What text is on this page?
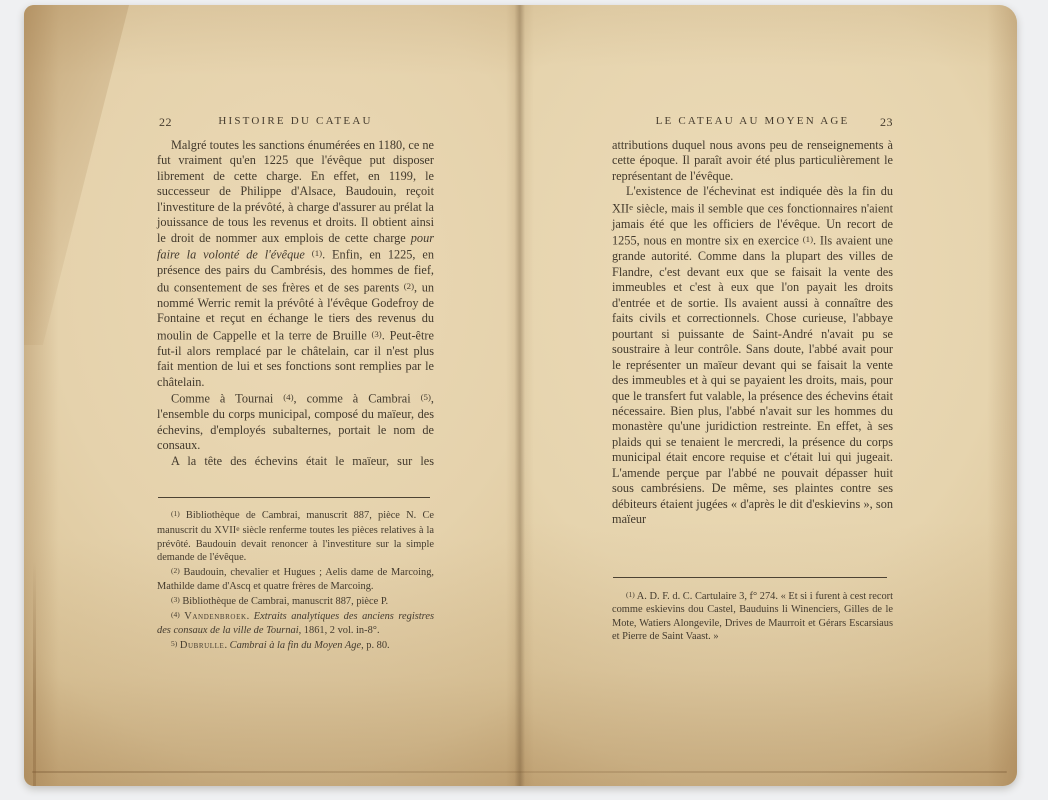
22	HISTOIRE DU CATEAU

Malgré toutes les sanctions énumérées en 1180, ce ne fut vraiment qu'en 1225 que l'évêque put disposer librement de cette charge. En effet, en 1199, le successeur de Philippe d'Alsace, Baudouin, reçoit l'investiture de la prévôté, à charge d'assurer au prélat la jouissance de tous les revenus et droits. Il obtient ainsi le droit de nommer aux emplois de cette charge pour faire la volonté de l'évêque $^{(1)}$. Enfin, en 1225, en présence des pairs du Cambrésis, des hommes de fief, du consentement de ses frères et de ses parents $^{(2)}$, un nommé Werric remit la prévôté à l'évêque Godefroy de Fontaine et reçut en échange le tiers des revenus du moulin de Cappelle et la terre de Bruille $^{(3)}$. Peut-être fut-il alors remplacé par le châtelain, car il n'est plus fait mention de lui et ses fonctions sont remplies par le châtelain.

Comme à Tournai $^{(4)}$, comme à Cambrai $^{(5)}$, l'ensemble du corps municipal, composé du maïeur, des échevins, d'employés subalternes, portait le nom de consaux.

A la tête des échevins était le maïeur, sur les

$^{(1)}$ Bibliothèque de Cambrai, manuscrit 887, pièce N. Ce manuscrit du XVIIe siècle renferme toutes les pièces relatives à la prévôté. Baudouin devait renoncer à l'investiture sur la simple demande de l'évêque.

$^{(2)}$ Baudouin, chevalier et Hugues ; Aelis dame de Marcoing, Mathilde dame d'Ascq et quatre frères de Marcoing.

$^{(3)}$ Bibliothèque de Cambrai, manuscrit 887, pièce P.

$^{(4)}$ Vandenbroek. Extraits analytiques des anciens registres des consaux de la ville de Tournai, 1861, 2 vol. in-8°.

$^{5)}$ Dubrulle. Cambrai à la fin du Moyen Age, p. 80.

LE CATEAU AU MOYEN AGE	23

attributions duquel nous avons peu de renseignements à cette époque. Il paraît avoir été plus particulièrement le représentant de l'évêque.

L'existence de l'échevinat est indiquée dès la fin du XIIe siècle, mais il semble que ces fonctionnaires n'aient jamais été que les officiers de l'évêque. Un recort de 1255, nous en montre six en exercice $^{(1)}$. Ils avaient une grande autorité. Comme dans la plupart des villes de Flandre, c'est devant eux que se faisait la vente des immeubles et c'est à eux que l'on payait les droits d'entrée et de sortie. Ils avaient aussi à connaître des faits civils et correctionnels. Chose curieuse, l'abbaye pourtant si puissante de Saint-André n'avait pu se soustraire à leur contrôle. Sans doute, l'abbé avait pour le représenter un maïeur devant qui se faisait la vente des immeubles et à qui se payaient les droits, mais, pour que le transfert fut valable, la présence des échevins était nécessaire. Bien plus, l'abbé n'avait sur les hommes du monastère qu'une juridiction restreinte. En effet, à ses plaids qui se tenaient le mercredi, la présence du corps municipal était encore requise et c'était lui qui jugeait. L'amende perçue par l'abbé ne pouvait dépasser huit sous cambrésiens. De même, ses plaintes contre ses débiteurs étaient jugées « d'après le dit d'eskievins », son maïeur

$^{(1)}$ A. D. F. d. C. Cartulaire 3, f° 274. « Et si i furent à cest recort comme eskievins dou Castel, Bauduins li Winenciers, Gilles de le Mote, Watiers Alongevile, Drives de Maurroit et Gérars Escarsiaus et Pierre de Saint Vaast. »
